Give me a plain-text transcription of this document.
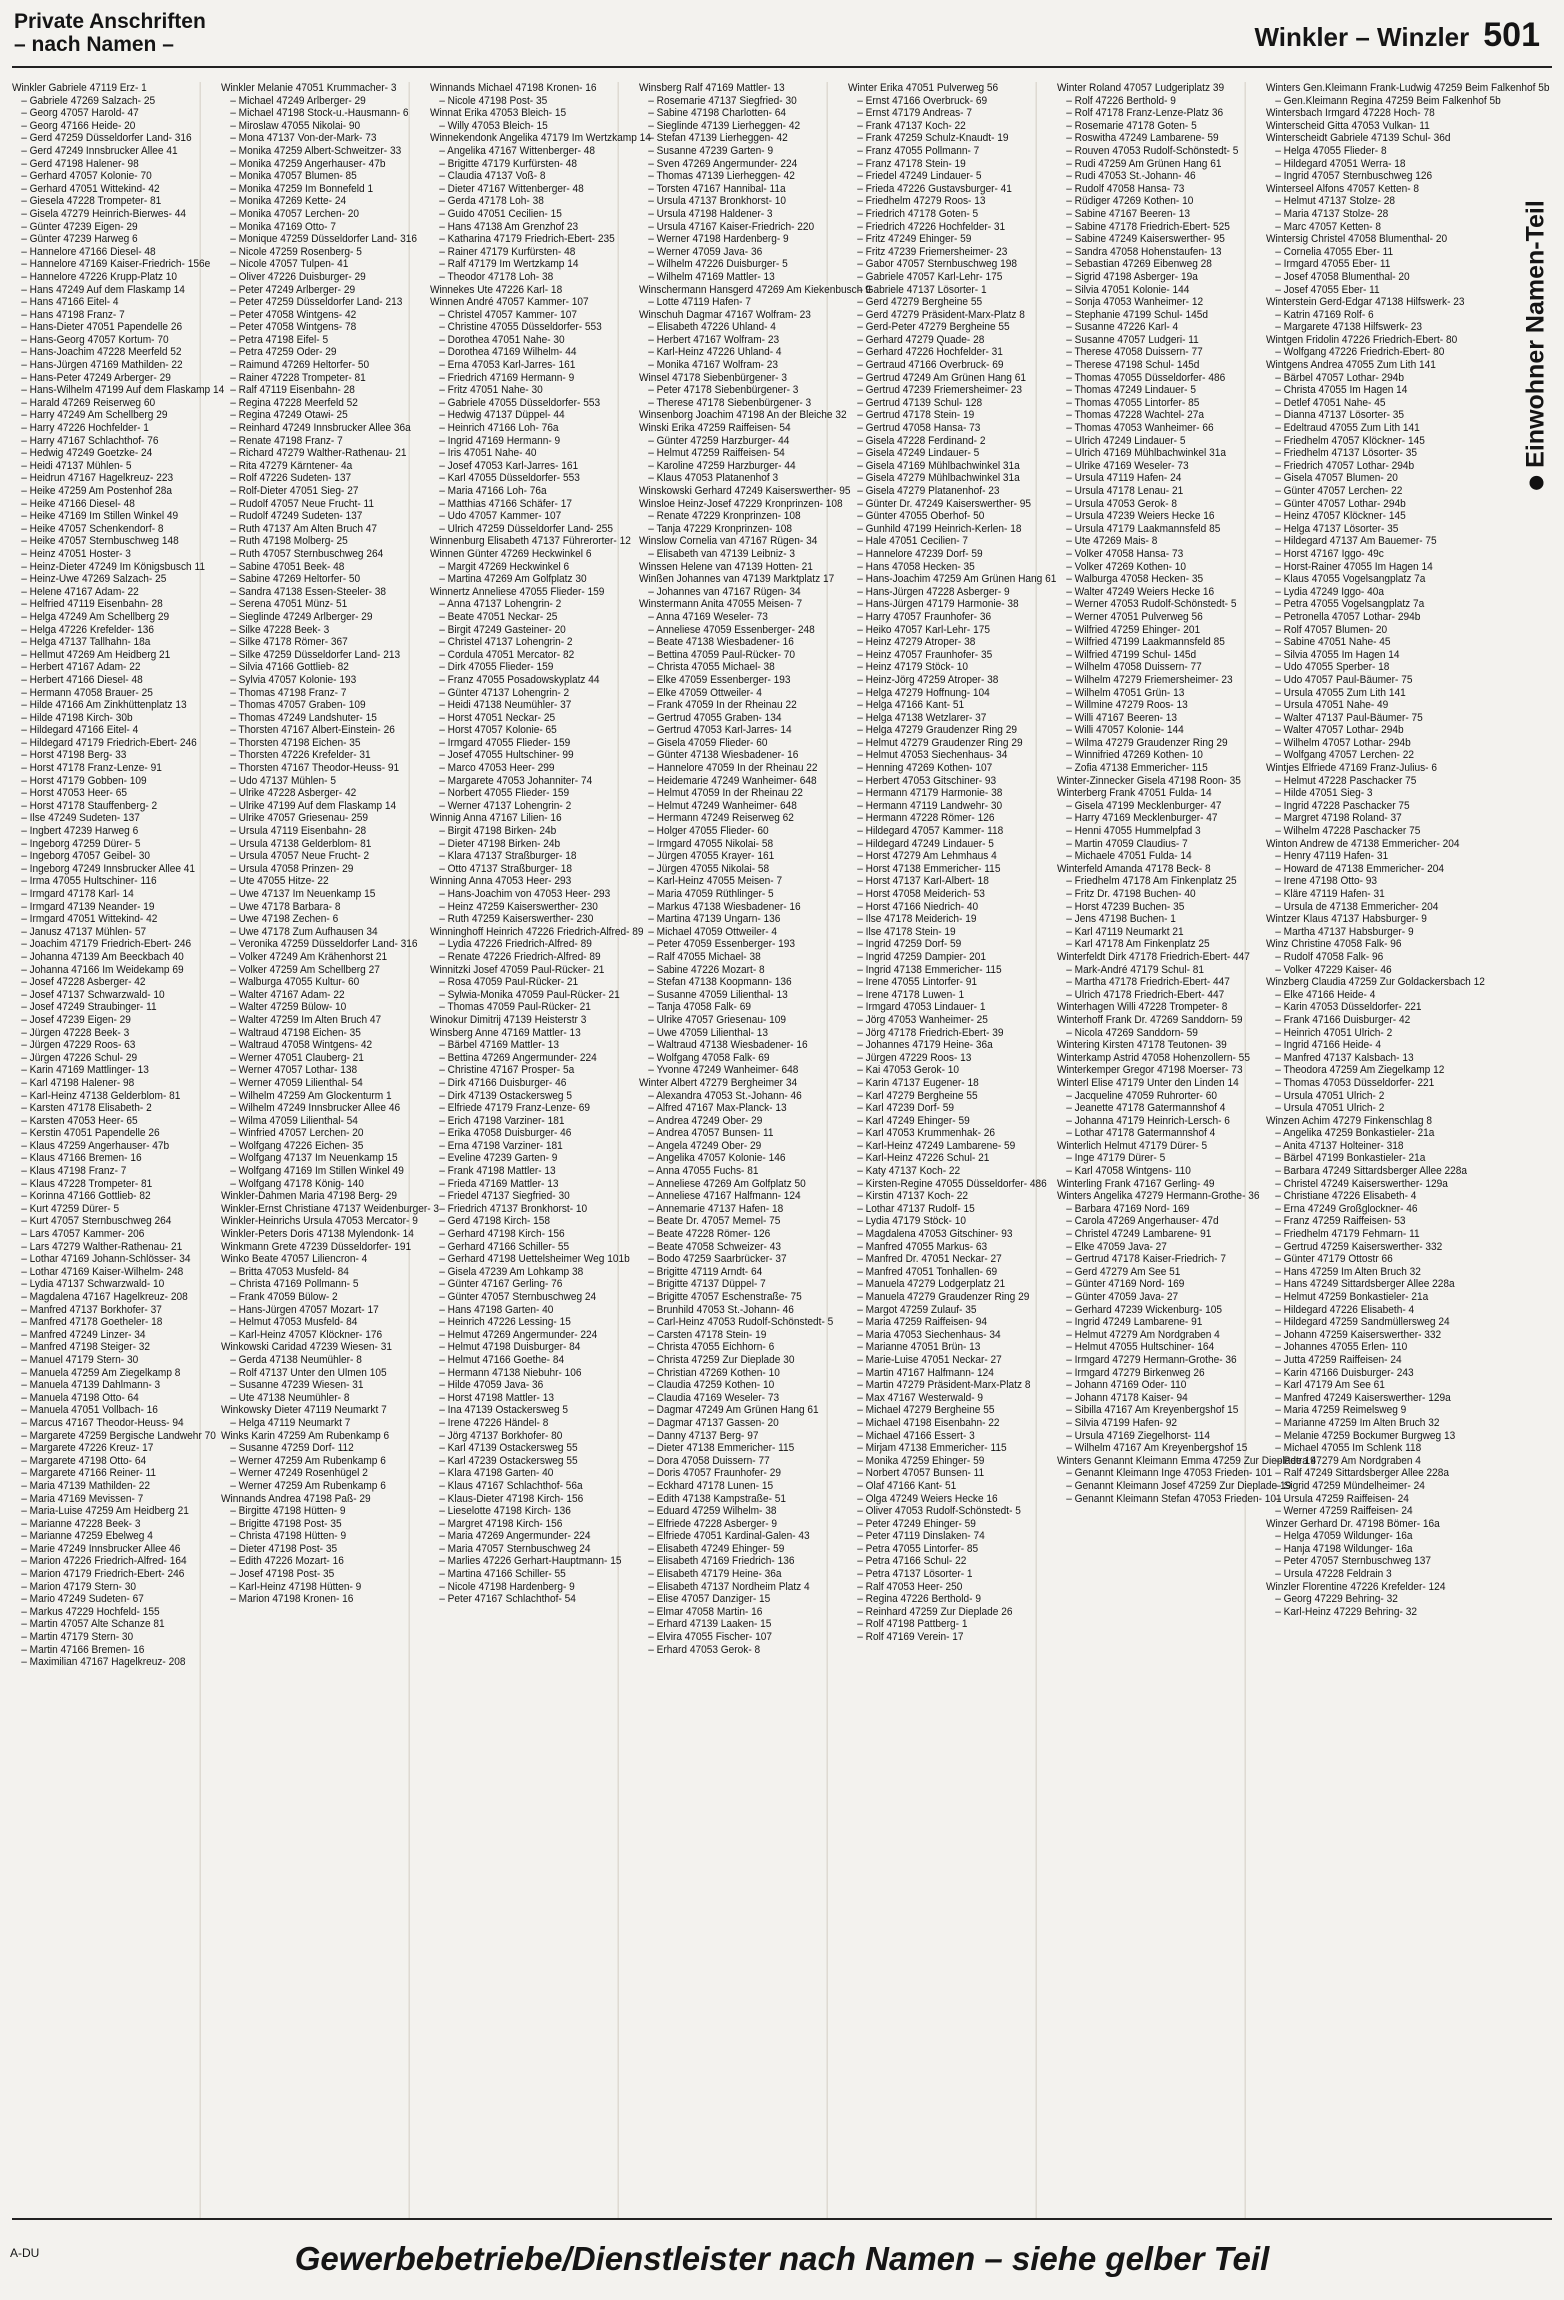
Private Anschriften
– nach Namen –	Winkler – Winzler 501
Einwohner Namen-Teil
Winkler Gabriele 47119 Erz- 1
– Gabriele 47269 Salzach- 25
– Georg 47057 Harold- 47
– Georg 47166 Heide- 20
– Gerd 47259 Düsseldorfer Land- 316
– Gerd 47249 Innsbrucker Allee 41
– Gerd 47198 Halener- 98
– Gerhard 47057 Kolonie- 70
– Gerhard 47051 Wittekind- 42
– Giesela 47228 Trompeter- 81
– Gisela 47279 Heinrich-Bierwes- 44
– Günter 47239 Eigen- 29
– Günter 47239 Harweg 6
– Hannelore 47166 Diesel- 48
– Hannelore 47169 Kaiser-Friedrich- 156e
– Hannelore 47226 Krupp-Platz 10
– Hans 47249 Auf dem Flaskamp 14
– Hans 47166 Eitel- 4
– Hans 47198 Franz- 7
– Hans-Dieter 47051 Papendelle 26
– Hans-Georg 47057 Kortum- 70
– Hans-Joachim 47228 Meerfeld 52
– Hans-Jürgen 47169 Mathilden- 22
– Hans-Peter 47249 Arberger- 29
– Hans-Wilhelm 47199 Auf dem Flaskamp 14
– Harald 47269 Reiserweg 60
– Harry 47249 Am Schellberg 29
– Harry 47226 Hochfelder- 1
– Harry 47167 Schlachthof- 76
– Hedwig 47249 Goetzke- 24
– Heidi 47137 Mühlen- 5
– Heidrun 47167 Hagelkreuz- 223
– Heike 47259 Am Postenhof 28a
– Heike 47166 Diesel- 48
– Heike 47169 Im Stillen Winkel 49
– Heike 47057 Schenkendorf- 8
– Heike 47057 Sternbuschweg 148
– Heinz 47051 Hoster- 3
– Heinz-Dieter 47249 Im Königsbusch 11
– Heinz-Uwe 47269 Salzach- 25
– Helene 47167 Adam- 22
– Helfried 47119 Eisenbahn- 28
– Helga 47249 Am Schellberg 29
– Helga 47226 Krefelder- 136
– Helga 47137 Tallhahn- 18a
– Hellmut 47269 Am Heidberg 21
– Herbert 47167 Adam- 22
– Herbert 47166 Diesel- 48
– Hermann 47058 Brauer- 25
– Hilde 47166 Am Zinkhüttenplatz 13
– Hilde 47198 Kirch- 30b
– Hildegard 47166 Eitel- 4
– Hildegard 47179 Friedrich-Ebert- 246
– Horst 47198 Berg- 33
– Horst 47178 Franz-Lenze- 91
– Horst 47179 Gobben- 109
– Horst 47053 Heer- 65
– Horst 47178 Stauffenberg- 2
– Ilse 47249 Sudeten- 137
– Ingbert 47239 Harweg 6
– Ingeborg 47259 Dürer- 5
– Ingeborg 47057 Geibel- 30
– Ingeborg 47249 Innsbrucker Allee 41
– Irma 47055 Hultschiner- 116
– Irmgard 47178 Karl- 14
– Irmgard 47139 Neander- 19
– Irmgard 47051 Wittekind- 42
– Janusz 47137 Mühlen- 57
– Joachim 47179 Friedrich-Ebert- 246
– Johanna 47139 Am Beeckbach 40
– Johanna 47166 Im Weidekamp 69
– Josef 47228 Asberger- 42
– Josef 47137 Schwarzwald- 10
– Josef 47249 Straubinger- 11
– Josef 47239 Eigen- 29
– Jürgen 47228 Beek- 3
– Jürgen 47229 Roos- 63
– Jürgen 47226 Schul- 29
– Karin 47169 Mattlinger- 13
– Karl 47198 Halener- 98
– Karl-Heinz 47138 Gelderblom- 81
– Karsten 47178 Elisabeth- 2
– Karsten 47053 Heer- 65
– Kerstin 47051 Papendelle 26
– Klaus 47259 Angerhauser- 47b
– Klaus 47166 Bremen- 16
– Klaus 47198 Franz- 7
– Klaus 47228 Trompeter- 81
– Korinna 47166 Gottlieb- 82
– Kurt 47259 Dürer- 5
– Kurt 47057 Sternbuschweg 264
– Lars 47057 Kammer- 206
– Lars 47279 Walther-Rathenau- 21
– Lothar 47169 Johann-Schlösser- 34
– Lothar 47169 Kaiser-Wilhelm- 248
– Lydia 47137 Schwarzwald- 10
– Magdalena 47167 Hagelkreuz- 208
– Manfred 47137 Borkhofer- 37
– Manfred 47178 Goetheler- 18
– Manfred 47249 Linzer- 34
– Manfred 47198 Steiger- 32
– Manuel 47179 Stern- 30
– Manuela 47259 Am Ziegelkamp 8
– Manuela 47139 Dahlmann- 3
– Manuela 47198 Otto- 64
– Manuela 47051 Vollbach- 16
– Marcus 47167 Theodor-Heuss- 94
– Margarete 47259 Bergische Landwehr 70
– Margarete 47226 Kreuz- 17
– Margarete 47198 Otto- 64
– Margarete 47166 Reiner- 11
– Maria 47139 Mathilden- 22
– Maria 47169 Mevissen- 7
– Maria-Luise 47259 Am Heidberg 21
– Marianne 47228 Beek- 3
– Marianne 47259 Ebelweg 4
– Marie 47249 Innsbrucker Allee 46
– Marion 47226 Friedrich-Alfred- 164
– Marion 47179 Friedrich-Ebert- 246
– Marion 47179 Stern- 30
– Mario 47249 Sudeten- 67
– Markus 47229 Hochfeld- 155
– Martin 47057 Alte Schanze 81
– Martin 47179 Stern- 30
– Martin 47166 Bremen- 16
– Maximilian 47167 Hagelkreuz- 208
Winkler Melanie 47051 Krummacher- 3
– Michael 47249 Arlberger- 29
– Michael 47198 Stock-u.-Hausmann- 6
– Miroslaw 47055 Nikolai- 90
– Mona 47137 Von-der-Mark- 73
– Monika 47259 Albert-Schweitzer- 33
– Monika 47259 Angerhauser- 47b
– Monika 47057 Blumen- 85
– Monika 47259 Im Bonnefeld 1
– Monika 47269 Kette- 24
– Monika 47057 Lerchen- 20
– Monika 47169 Otto- 7
– Monique 47259 Düsseldorfer Land- 316
– Nicole 47259 Rosenberg- 5
– Nicole 47057 Tulpen- 41
– Oliver 47226 Duisburger- 29
– Peter 47249 Arlberger- 29
– Peter 47259 Düsseldorfer Land- 213
– Peter 47058 Wintgens- 42
– Peter 47058 Wintgens- 78
– Petra 47198 Eifel- 5
– Petra 47259 Oder- 29
– Raimund 47269 Heltorfer- 50
– Rainer 47228 Trompeter- 81
– Ralf 47119 Eisenbahn- 28
– Regina 47228 Meerfeld 52
– Regina 47249 Otawi- 25
– Reinhard 47249 Innsbrucker Allee 36a
– Renate 47198 Franz- 7
– Richard 47279 Walther-Rathenau- 21
– Rita 47279 Kärntener- 4a
– Rolf 47226 Sudeten- 137
– Rolf-Dieter 47051 Sieg- 27
– Rudolf 47057 Neue Frucht- 11
– Rudolf 47249 Sudeten- 137
– Ruth 47137 Am Alten Bruch 47
– Ruth 47198 Molberg- 25
– Ruth 47057 Sternbuschweg 264
– Sabine 47051 Beek- 48
– Sabine 47269 Heltorfer- 50
– Sandra 47138 Essen-Steeler- 38
– Serena 47051 Münz- 51
– Sieglinde 47249 Arlberger- 29
– Silke 47228 Beek- 3
– Silke 47178 Römer- 367
– Silke 47259 Düsseldorfer Land- 213
– Silvia 47166 Gottlieb- 82
– Sylvia 47057 Kolonie- 193
– Thomas 47198 Franz- 7
– Thomas 47057 Graben- 109
– Thomas 47249 Landshuter- 15
– Thorsten 47167 Albert-Einstein- 26
– Thorsten 47198 Eichen- 35
– Thorsten 47226 Krefelder- 31
– Thorsten 47167 Theodor-Heuss- 91
– Udo 47137 Mühlen- 5
– Ulrike 47228 Asberger- 42
– Ulrike 47199 Auf dem Flaskamp 14
– Ulrike 47057 Griesenau- 259
– Ursula 47119 Eisenbahn- 28
– Ursula 47138 Gelderblom- 81
– Ursula 47057 Neue Frucht- 2
– Ursula 47058 Prinzen- 29
– Ute 47055 Hitze- 22
– Uwe 47137 Im Neuenkamp 15
– Uwe 47178 Barbara- 8
– Uwe 47198 Zechen- 6
– Uwe 47178 Zum Aufhausen 34
– Veronika 47259 Düsseldorfer Land- 316
– Volker 47249 Am Krähenhorst 21
– Volker 47259 Am Schellberg 27
– Walburga 47055 Kultur- 60
– Walter 47167 Adam- 22
– Walter 47259 Bülow- 10
– Walter 47259 Im Alten Bruch 47
– Waltraud 47198 Eichen- 35
– Waltraud 47058 Wintgens- 42
– Werner 47051 Clauberg- 21
– Werner 47057 Lothar- 138
– Werner 47059 Lilienthal- 54
– Wilhelm 47259 Am Glockenturm 1
– Wilhelm 47249 Innsbrucker Allee 46
– Wilma 47059 Lilienthal- 54
– Winfried 47057 Lerchen- 20
– Wolfgang 47226 Eichen- 35
– Wolfgang 47137 Im Neuenkamp 15
– Wolfgang 47169 Im Stillen Winkel 49
– Wolfgang 47178 König- 140
Winkler-Dahmen Maria 47198 Berg- 29
Winkler-Ernst Christiane 47137 Weidenburger- 3
Winkler-Heinrichs Ursula 47053 Mercator- 9
Winkler-Peters Doris 47138 Mylendonk- 14
Winkmann Grete 47239 Düsseldorfer- 191
Winko Beate 47057 Liliencron- 4
– Britta 47053 Musfeld- 84
– Christa 47169 Pollmann- 5
– Frank 47059 Bülow- 2
– Hans-Jürgen 47057 Mozart- 17
– Helmut 47053 Musfeld- 84
– Karl-Heinz 47057 Klöckner- 176
Winkowski Caridad 47239 Wiesen- 31
– Gerda 47138 Neumühler- 8
– Rolf 47137 Unter den Ulmen 105
– Susanne 47239 Wiesen- 31
– Ute 47138 Neumühler- 8
Winkowsky Dieter 47119 Neumarkt 7
– Helga 47119 Neumarkt 7
Winks Karin 47259 Am Rubenkamp 6
– Susanne 47259 Dorf- 112
– Werner 47259 Am Rubenkamp 6
– Werner 47249 Rosenhügel 2
– Werner 47259 Am Rubenkamp 6
Winnands Andrea 47198 Paß- 29
– Birgitte 47198 Hütten- 9
– Brigitte 47198 Post- 35
– Christa 47198 Hütten- 9
– Dieter 47198 Post- 35
– Edith 47226 Mozart- 16
– Josef 47198 Post- 35
– Karl-Heinz 47198 Hütten- 9
– Marion 47198 Kronen- 16
Winnands Michael 47198 Kronen- 16
– Nicole 47198 Post- 35
Winnat Erika 47053 Bleich- 15
– Willy 47053 Bleich- 15
Winnekendonk Angelika 47179 Im Wertzkamp 14
– Angelika 47167 Wittenberger- 48
– Brigitte 47179 Kurfürsten- 48
– Claudia 47137 Voß- 8
– Dieter 47167 Wittenberger- 48
– Gerda 47178 Loh- 38
– Guido 47051 Cecilien- 15
– Hans 47138 Am Grenzhof 23
– Katharina 47179 Friedrich-Ebert- 235
– Rainer 47179 Kurfürsten- 48
– Ralf 47179 Im Wertzkamp 14
– Theodor 47178 Loh- 38
Winnekes Ute 47226 Karl- 18
Winnen André 47057 Kammer- 107
– Christel 47057 Kammer- 107
– Christine 47055 Düsseldorfer- 553
– Dorothea 47051 Nahe- 30
– Dorothea 47169 Wilhelm- 44
– Erna 47053 Karl-Jarres- 161
– Friedrich 47169 Hermann- 9
– Fritz 47051 Nahe- 30
– Gabriele 47055 Düsseldorfer- 553
– Hedwig 47137 Düppel- 44
– Heinrich 47166 Loh- 76a
– Ingrid 47169 Hermann- 9
– Iris 47051 Nahe- 40
– Josef 47053 Karl-Jarres- 161
– Karl 47055 Düsseldorfer- 553
– Maria 47166 Loh- 76a
– Matthias 47166 Schäfer- 17
– Udo 47057 Kammer- 107
– Ulrich 47259 Düsseldorfer Land- 255
Winnenburg Elisabeth 47137 Führerorter- 12
Winnen Günter 47269 Heckwinkel 6
– Margit 47269 Heckwinkel 6
– Martina 47269 Am Golfplatz 30
Winnertz Anneliese 47055 Flieder- 159
– Anna 47137 Lohengrin- 2
– Beate 47051 Neckar- 25
– Birgit 47249 Gasteiner- 20
– Christel 47137 Lohengrin- 2
– Cordula 47051 Mercator- 82
– Dirk 47055 Flieder- 159
– Franz 47055 Posadowskyplatz 44
– Günter 47137 Lohengrin- 2
– Heidi 47138 Neumühler- 37
– Horst 47051 Neckar- 25
– Horst 47057 Kolonie- 65
– Irmgard 47055 Flieder- 159
– Josef 47055 Hultschiner- 99
– Marco 47053 Heer- 299
– Margarete 47053 Johanniter- 74
– Norbert 47055 Flieder- 159
– Werner 47137 Lohengrin- 2
Winnig Anna 47167 Lilien- 16
– Birgit 47198 Birken- 24b
– Dieter 47198 Birken- 24b
– Klara 47137 Straßburger- 18
– Otto 47137 Straßburger- 18
Winning Anna 47053 Heer- 293
– Hans-Joachim von 47053 Heer- 293
– Heinz 47259 Kaiserswerther- 230
– Ruth 47259 Kaiserswerther- 230
Winninghoff Heinrich 47226 Friedrich-Alfred- 89
– Lydia 47226 Friedrich-Alfred- 89
– Renate 47226 Friedrich-Alfred- 89
Winnitzki Josef 47059 Paul-Rücker- 21
– Rosa 47059 Paul-Rücker- 21
– Sylwia-Monika 47059 Paul-Rücker- 21
– Thomas 47059 Paul-Rücker- 21
Winokur Dimitrij 47139 Heisterstr 3
Winsberg Anne 47169 Mattler- 13
– Bärbel 47169 Mattler- 13
– Bettina 47269 Angermunder- 224
– Christine 47167 Prosper- 5a
– Dirk 47166 Duisburger- 46
– Dirk 47139 Ostackersweg 5
– Elfriede 47179 Franz-Lenze- 69
– Erich 47198 Varziner- 181
– Erika 47058 Duisburger- 46
– Erna 47198 Varziner- 181
– Eveline 47239 Garten- 9
– Frank 47198 Mattler- 13
– Frieda 47169 Mattler- 13
– Friedel 47137 Siegfried- 30
– Friedrich 47137 Bronkhorst- 10
– Gerd 47198 Kirch- 158
– Gerhard 47198 Kirch- 156
– Gerhard 47166 Schiller- 55
– Gerhard 47198 Uettelsheimer Weg 101b
– Gisela 47239 Am Lohkamp 38
– Günter 47167 Gerling- 76
– Günter 47057 Sternbuschweg 24
– Hans 47198 Garten- 40
– Heinrich 47226 Lessing- 15
– Helmut 47269 Angermunder- 224
– Helmut 47198 Duisburger- 84
– Helmut 47166 Goethe- 84
– Hermann 47138 Niebuhr- 106
– Hilde 47059 Java- 36
– Horst 47198 Mattler- 13
– Ina 47139 Ostackersweg 5
– Irene 47226 Händel- 8
– Jörg 47137 Borkhofer- 80
– Karl 47139 Ostackersweg 55
– Karl 47239 Ostackersweg 55
– Klara 47198 Garten- 40
– Klaus 47167 Schlachthof- 56a
– Klaus-Dieter 47198 Kirch- 156
– Lieselotte 47198 Kirch- 136
– Margret 47198 Kirch- 156
– Maria 47269 Angermunder- 224
– Maria 47057 Sternbuschweg 24
– Marlies 47226 Gerhart-Hauptmann- 15
– Martina 47166 Schiller- 55
– Nicole 47198 Hardenberg- 9
– Peter 47167 Schlachthof- 54
Winsberg Ralf 47169 Mattler- 13
– Rosemarie 47137 Siegfried- 30
– Sabine 47198 Charlotten- 64
– Sieglinde 47139 Lierheggen- 42
– Stefan 47139 Lierheggen- 42
– Susanne 47239 Garten- 9
– Sven 47269 Angermunder- 224
– Thomas 47139 Lierheggen- 42
– Torsten 47167 Hannibal- 11a
– Ursula 47137 Bronkhorst- 10
– Ursula 47198 Haldener- 3
– Ursula 47167 Kaiser-Friedrich- 220
– Werner 47198 Hardenberg- 9
– Werner 47059 Java- 36
– Wilhelm 47226 Duisburger- 5
– Wilhelm 47169 Mattler- 13
Winschermann Hansgerd 47269 Am Kiekenbusch 9
– Lotte 47119 Hafen- 7
Winschuh Dagmar 47167 Wolfram- 23
– Elisabeth 47226 Uhland- 4
– Herbert 47167 Wolfram- 23
– Karl-Heinz 47226 Uhland- 4
– Monika 47167 Wolfram- 23
Winsel 47178 Siebenbürgener- 3
– Peter 47178 Siebenbürgener- 3
– Therese 47178 Siebenbürgener- 3
Winsenborg Joachim 47198 An der Bleiche 32
Winski Erika 47259 Raiffeisen- 54
– Günter 47259 Harzburger- 44
– Helmut 47259 Raiffeisen- 54
– Karoline 47259 Harzburger- 44
– Klaus 47053 Platanenhof 3
Winskowski Gerhard 47249 Kaiserswerther- 95
Winsloe Heinz-Josef 47229 Kronprinzen- 108
– Renate 47229 Kronprinzen- 108
– Tanja 47229 Kronprinzen- 108
Winslow Cornelia van 47167 Rügen- 34
– Elisabeth van 47139 Leibniz- 3
Winssen Helene van 47139 Hotten- 21
Winßen Johannes van 47139 Marktplatz 17
– Johannes van 47167 Rügen- 34
Winstermann Anita 47055 Meisen- 7
– Anna 47169 Weseler- 73
– Anneliese 47059 Essenberger- 248
– Beate 47138 Wiesbadener- 16
– Bettina 47059 Paul-Rücker- 70
– Christa 47055 Michael- 38
– Elke 47059 Essenberger- 193
– Elke 47059 Ottweiler- 4
– Frank 47059 In der Rheinau 22
– Gertrud 47055 Graben- 134
– Gertrud 47053 Karl-Jarres- 14
– Gisela 47059 Flieder- 60
– Günter 47138 Wiesbadener- 16
– Hannelore 47059 In der Rheinau 22
– Heidemarie 47249 Wanheimer- 648
– Helmut 47059 In der Rheinau 22
– Helmut 47249 Wanheimer- 648
– Hermann 47249 Reiserweg 62
– Holger 47055 Flieder- 60
– Irmgard 47055 Nikolai- 58
– Jürgen 47055 Krayer- 161
– Jürgen 47055 Nikolai- 58
– Karl-Heinz 47055 Meisen- 7
– Maria 47059 Rüthlinger- 5
– Markus 47138 Wiesbadener- 16
– Martina 47139 Ungarn- 136
– Michael 47059 Ottweiler- 4
– Peter 47059 Essenberger- 193
– Ralf 47055 Michael- 38
– Sabine 47226 Mozart- 8
– Stefan 47138 Koopmann- 136
– Susanne 47059 Lilienthal- 13
– Tanja 47058 Falk- 69
– Ulrike 47057 Griesenau- 109
– Uwe 47059 Lilienthal- 13
– Waltraud 47138 Wiesbadener- 16
– Wolfgang 47058 Falk- 69
– Yvonne 47249 Wanheimer- 648
Winter Albert 47279 Bergheimer 34
– Alexandra 47053 St.-Johann- 46
– Alfred 47167 Max-Planck- 13
– Andrea 47249 Ober- 29
– Andrea 47057 Bunsen- 11
– Angela 47249 Ober- 29
– Angelika 47057 Kolonie- 146
– Anna 47055 Fuchs- 81
– Anneliese 47269 Am Golfplatz 50
– Anneliese 47167 Halfmann- 124
– Annemarie 47137 Hafen- 18
– Beate Dr. 47057 Memel- 75
– Beate 47228 Römer- 126
– Beate 47058 Schweizer- 43
– Bodo 47259 Saarbrücker- 37
– Brigitte 47119 Arndt- 64
– Brigitte 47137 Düppel- 7
– Brigitte 47057 Eschenstraße- 75
– Brunhild 47053 St.-Johann- 46
– Carl-Heinz 47053 Rudolf-Schönstedt- 5
– Carsten 47178 Stein- 19
– Christa 47055 Eichhorn- 6
– Christa 47259 Zur Dieplade 30
– Christian 47269 Kothen- 10
– Claudia 47259 Kothen- 10
– Claudia 47169 Weseler- 73
– Dagmar 47249 Am Grünen Hang 61
– Dagmar 47137 Gassen- 20
– Danny 47137 Berg- 97
– Dieter 47138 Emmericher- 115
– Dora 47058 Duissern- 77
– Doris 47057 Fraunhofer- 29
– Eckhard 47178 Lunen- 15
– Edith 47138 Kampstraße- 51
– Eduard 47259 Wilhelm- 38
– Elfriede 47228 Asberger- 9
– Elfriede 47051 Kardinal-Galen- 43
– Elisabeth 47249 Ehinger- 59
– Elisabeth 47169 Friedrich- 136
– Elisabeth 47179 Heine- 36a
– Elisabeth 47137 Nordheim Platz 4
– Elise 47057 Danziger- 15
– Elmar 47058 Martin- 16
– Erhard 47139 Laaken- 15
– Elvira 47055 Fischer- 107
– Erhard 47053 Gerok- 8
Winter Erika 47051 Pulverweg 56
– Ernst 47166 Overbruck- 69
– Ernst 47179 Andreas- 7
– Frank 47137 Koch- 22
– Frank 47259 Schulz-Knaudt- 19
– Franz 47055 Pollmann- 7
– Franz 47178 Stein- 19
– Friedel 47249 Lindauer- 5
– Frieda 47226 Gustavsburger- 41
– Friedhelm 47279 Roos- 13
– Friedrich 47178 Goten- 5
– Friedrich 47226 Hochfelder- 31
– Fritz 47249 Ehinger- 59
– Fritz 47239 Friemersheimer- 23
– Gabor 47057 Sternbuschweg 198
– Gabriele 47057 Karl-Lehr- 175
– Gabriele 47137 Lösorter- 1
– Gerd 47279 Bergheine 55
– Gerd 47279 Präsident-Marx-Platz 8
– Gerd-Peter 47279 Bergheine 55
– Gerhard 47279 Quade- 28
– Gerhard 47226 Hochfelder- 31
– Gertraud 47166 Overbruck- 69
– Gertrud 47249 Am Grünen Hang 61
– Gertrud 47239 Friemersheimer- 23
– Gertrud 47139 Schul- 128
– Gertrud 47178 Stein- 19
– Gertrud 47058 Hansa- 73
– Gisela 47228 Ferdinand- 2
– Gisela 47249 Lindauer- 5
– Gisela 47169 Mühlbachwinkel 31a
– Gisela 47279 Mühlbachwinkel 31a
– Gisela 47279 Platanenhof- 23
– Günter Dr. 47249 Kaiserswerther- 95
– Günter 47055 Oberhof- 50
– Gunhild 47199 Heinrich-Kerlen- 18
– Hale 47051 Cecilien- 7
– Hannelore 47239 Dorf- 59
– Hans 47058 Hecken- 35
– Hans-Joachim 47259 Am Grünen Hang 61
– Hans-Jürgen 47228 Asberger- 9
– Hans-Jürgen 47179 Harmonie- 38
– Harry 47057 Fraunhofer- 36
– Heiko 47057 Karl-Lehr- 175
– Heinz 47279 Atroper- 38
– Heinz 47057 Fraunhofer- 35
– Heinz 47179 Stöck- 10
– Heinz-Jörg 47259 Atroper- 38
– Helga 47279 Hoffnung- 104
– Helga 47166 Kant- 51
– Helga 47138 Wetzlarer- 37
– Helga 47279 Graudenzer Ring 29
– Helmut 47279 Graudenzer Ring 29
– Helmut 47053 Siechenhaus- 34
– Henning 47269 Kothen- 107
– Herbert 47053 Gitschiner- 93
– Hermann 47179 Harmonie- 38
– Hermann 47119 Landwehr- 30
– Hermann 47228 Römer- 126
– Hildegard 47057 Kammer- 118
– Hildegard 47249 Lindauer- 5
– Horst 47279 Am Lehmhaus 4
– Horst 47138 Emmericher- 115
– Horst 47137 Karl-Albert- 18
– Horst 47058 Meiderich- 53
– Horst 47166 Niedrich- 40
– Ilse 47178 Meiderich- 19
– Ilse 47178 Stein- 19
– Ingrid 47259 Dorf- 59
– Ingrid 47259 Dampier- 201
– Ingrid 47138 Emmericher- 115
– Irene 47055 Lintorfer- 91
– Irene 47178 Luwen- 1
– Irmgard 47053 Lindauer- 1
– Jörg 47053 Wanheimer- 25
– Jörg 47178 Friedrich-Ebert- 39
– Johannes 47179 Heine- 36a
– Jürgen 47229 Roos- 13
– Kai 47053 Gerok- 10
– Karin 47137 Eugener- 18
– Karl 47279 Bergheine 55
– Karl 47239 Dorf- 59
– Karl 47249 Ehinger- 59
– Karl 47053 Krummenhak- 26
– Karl-Heinz 47249 Lambarene- 59
– Karl-Heinz 47226 Schul- 21
– Katy 47137 Koch- 22
– Kirsten-Regine 47055 Düsseldorfer- 486
– Kirstin 47137 Koch- 22
– Lothar 47137 Rudolf- 15
– Lydia 47179 Stöck- 10
– Magdalena 47053 Gitschiner- 93
– Manfred 47055 Markus- 63
– Manfred Dr. 47051 Neckar- 27
– Manfred 47051 Tonhallen- 69
– Manuela 47279 Lodgerplatz 21
– Manuela 47279 Graudenzer Ring 29
– Margot 47259 Zulauf- 35
– Maria 47259 Raiffeisen- 94
– Maria 47053 Siechenhaus- 34
– Marianne 47051 Brün- 13
– Marie-Luise 47051 Neckar- 27
– Martin 47167 Halfmann- 124
– Martin 47279 Präsident-Marx-Platz 8
– Max 47167 Westerwald- 9
– Michael 47279 Bergheine 55
– Michael 47198 Eisenbahn- 22
– Michael 47166 Essert- 3
– Mirjam 47138 Emmericher- 115
– Monika 47259 Ehinger- 59
– Norbert 47057 Bunsen- 11
– Olaf 47166 Kant- 51
– Olga 47249 Weiers Hecke 16
– Oliver 47053 Rudolf-Schönstedt- 5
– Peter 47249 Ehinger- 59
– Peter 47119 Dinslaken- 74
– Petra 47055 Lintorfer- 85
– Petra 47166 Schul- 22
– Petra 47137 Lösorter- 1
– Ralf 47053 Heer- 250
– Regina 47226 Berthold- 9
– Reinhard 47259 Zur Dieplade 26
– Rolf 47198 Pattberg- 1
– Rolf 47169 Verein- 17
Winter Roland 47057 Ludgeriplatz 39
– Rolf 47226 Berthold- 9
– Rolf 47178 Franz-Lenze-Platz 36
– Rosemarie 47178 Goten- 5
– Roswitha 47249 Lambarene- 59
– Rouven 47053 Rudolf-Schönstedt- 5
– Rudi 47259 Am Grünen Hang 61
– Rudi 47053 St.-Johann- 46
– Rudolf 47058 Hansa- 73
– Rüdiger 47269 Kothen- 10
– Sabine 47167 Beeren- 13
– Sabine 47178 Friedrich-Ebert- 525
– Sabine 47249 Kaiserswerther- 95
– Sandra 47058 Hohenstaufen- 13
– Sebastian 47269 Eibenweg 28
– Sigrid 47198 Asberger- 19a
– Silvia 47051 Kolonie- 144
– Sonja 47053 Wanheimer- 12
– Stephanie 47199 Schul- 145d
– Susanne 47226 Karl- 4
– Susanne 47057 Ludgeri- 11
– Therese 47058 Duissern- 77
– Therese 47198 Schul- 145d
– Thomas 47055 Düsseldorfer- 486
– Thomas 47249 Lindauer- 5
– Thomas 47055 Lintorfer- 85
– Thomas 47228 Wachtel- 27a
– Thomas 47053 Wanheimer- 66
– Ulrich 47249 Lindauer- 5
– Ulrich 47169 Mühlbachwinkel 31a
– Ulrike 47169 Weseler- 73
– Ursula 47119 Hafen- 24
– Ursula 47178 Lenau- 21
– Ursula 47053 Gerok- 8
– Ursula 47239 Weiers Hecke 16
– Ursula 47179 Laakmannsfeld 85
– Ute 47269 Mais- 8
– Volker 47058 Hansa- 73
– Volker 47269 Kothen- 10
– Walburga 47058 Hecken- 35
– Walter 47249 Weiers Hecke 16
– Werner 47053 Rudolf-Schönstedt- 5
– Werner 47051 Pulverweg 56
– Wilfried 47259 Ehinger- 201
– Wilfried 47199 Laakmannsfeld 85
– Wilfried 47199 Schul- 145d
– Wilhelm 47058 Duissern- 77
– Wilhelm 47279 Friemersheimer- 23
– Wilhelm 47051 Grün- 13
– Willmine 47279 Roos- 13
– Willi 47167 Beeren- 13
– Willi 47057 Kolonie- 144
– Wilma 47279 Graudenzer Ring 29
– Winnifried 47269 Kothen- 10
– Zofia 47138 Emmericher- 115
Winter-Zinnecker Gisela 47198 Roon- 35
Winterberg Frank 47051 Fulda- 14
– Gisela 47199 Mecklenburger- 47
– Harry 47169 Mecklenburger- 47
– Henni 47055 Hummelpfad 3
– Martin 47059 Claudius- 7
– Michaele 47051 Fulda- 14
Winterfeld Amanda 47178 Beck- 8
– Friedhelm 47178 Am Finkenplatz 25
– Fritz Dr. 47198 Buchen- 40
– Horst 47239 Buchen- 35
– Jens 47198 Buchen- 1
– Karl 47119 Neumarkt 21
– Karl 47178 Am Finkenplatz 25
Winterfeldt Dirk 47178 Friedrich-Ebert- 447
– Mark-André 47179 Schul- 81
– Martha 47178 Friedrich-Ebert- 447
– Ulrich 47178 Friedrich-Ebert- 447
Winterhagen Willi 47228 Trompeter- 8
Winterhoff Frank Dr. 47269 Sanddorn- 59
– Nicola 47269 Sanddorn- 59
Wintering Kirsten 47178 Teutonen- 39
Winterkamp Astrid 47058 Hohenzollern- 55
Winterkemper Gregor 47198 Moerser- 73
Winterl Elise 47179 Unter den Linden 14
– Jacqueline 47059 Ruhrorter- 60
– Jeanette 47178 Gatermannshof 4
– Johanna 47179 Heinrich-Lersch- 6
– Lothar 47178 Gatermannshof 4
Winterlich Helmut 47179 Dürer- 5
– Inge 47179 Dürer- 5
– Karl 47058 Wintgens- 110
Winterling Frank 47167 Gerling- 49
Winters Angelika 47279 Hermann-Grothe- 36
– Barbara 47169 Nord- 169
– Carola 47269 Angerhauser- 47d
– Christel 47249 Lambarene- 91
– Elke 47059 Java- 27
– Gertrud 47178 Kaiser-Friedrich- 7
– Gerd 47279 Am See 51
– Günter 47169 Nord- 169
– Günter 47059 Java- 27
– Gerhard 47239 Wickenburg- 105
– Ingrid 47249 Lambarene- 91
– Helmut 47279 Am Nordgraben 4
– Helmut 47055 Hultschiner- 164
– Irmgard 47279 Hermann-Grothe- 36
– Irmgard 47279 Birkenweg 26
– Johann 47169 Oder- 110
– Johann 47178 Kaiser- 94
– Sibilla 47167 Am Kreyenbergshof 15
– Silvia 47199 Hafen- 92
– Ursula 47169 Ziegelhorst- 114
– Wilhelm 47167 Am Kreyenbergshof 15
Winters Genannt Kleimann Emma 47259 Zur Dieplade 19
– Genannt Kleimann Inge 47053 Frieden- 101
– Genannt Kleimann Josef 47259 Zur Dieplade 19
– Genannt Kleimann Stefan 47053 Frieden- 101
Winters Gen.Kleimann Frank-Ludwig 47259 Beim Falkenhof 5b
– Gen.Kleimann Regina 47259 Beim Falkenhof 5b
Wintersbach Irmgard 47228 Hoch- 78
Winterscheid Gitta 47053 Vulkan- 11
Winterscheidt Gabriele 47139 Schul- 36d
– Helga 47055 Flieder- 8
– Hildegard 47051 Werra- 18
– Ingrid 47057 Sternbuschweg 126
Winterseel Alfons 47057 Ketten- 8
– Helmut 47137 Stolze- 28
– Maria 47137 Stolze- 28
– Marc 47057 Ketten- 8
Wintersig Christel 47058 Blumenthal- 20
– Cornelia 47055 Eber- 11
– Irmgard 47055 Eber- 11
– Josef 47058 Blumenthal- 20
– Josef 47055 Eber- 11
Winterstein Gerd-Edgar 47138 Hilfswerk- 23
– Katrin 47169 Rolf- 6
– Margarete 47138 Hilfswerk- 23
Wintgen Fridolin 47226 Friedrich-Ebert- 80
– Wolfgang 47226 Friedrich-Ebert- 80
Wintgens Andrea 47055 Zum Lith 141
– Bärbel 47057 Lothar- 294b
– Christa 47055 Im Hagen 14
– Detlef 47051 Nahe- 45
– Dianna 47137 Lösorter- 35
– Edeltraud 47055 Zum Lith 141
– Friedhelm 47057 Klöckner- 145
– Friedhelm 47137 Lösorter- 35
– Friedrich 47057 Lothar- 294b
– Gisela 47057 Blumen- 20
– Günter 47057 Lerchen- 22
– Günter 47057 Lothar- 294b
– Heinz 47057 Klöckner- 145
– Helga 47137 Lösorter- 35
– Hildegard 47137 Am Bauemer- 75
– Horst 47167 Iggo- 49c
– Horst-Rainer 47055 Im Hagen 14
– Klaus 47055 Vogelsangplatz 7a
– Lydia 47249 Iggo- 40a
– Petra 47055 Vogelsangplatz 7a
– Petronella 47057 Lothar- 294b
– Rolf 47057 Blumen- 20
– Sabine 47051 Nahe- 45
– Silvia 47055 Im Hagen 14
– Udo 47055 Sperber- 18
– Udo 47057 Paul-Bäumer- 75
– Ursula 47055 Zum Lith 141
– Ursula 47051 Nahe- 49
– Walter 47137 Paul-Bäumer- 75
– Walter 47057 Lothar- 294b
– Wilhelm 47057 Lothar- 294b
– Wolfgang 47057 Lerchen- 22
Wintjes Elfriede 47169 Franz-Julius- 6
– Helmut 47228 Paschacker 75
– Hilde 47051 Sieg- 3
– Ingrid 47228 Paschacker 75
– Margret 47198 Roland- 37
– Wilhelm 47228 Paschacker 75
Winton Andrew de 47138 Emmericher- 204
– Henry 47119 Hafen- 31
– Howard de 47138 Emmericher- 204
– Irene 47198 Otto- 93
– Kläre 47119 Hafen- 31
– Ursula de 47138 Emmericher- 204
Wintzer Klaus 47137 Habsburger- 9
– Martha 47137 Habsburger- 9
Winz Christine 47058 Falk- 96
– Rudolf 47058 Falk- 96
– Volker 47229 Kaiser- 46
Winzberg Claudia 47259 Zur Goldackersbach 12
– Elke 47166 Heide- 4
– Karin 47053 Düsseldorfer- 221
– Frank 47166 Duisburger- 42
– Heinrich 47051 Ulrich- 2
– Ingrid 47166 Heide- 4
– Manfred 47137 Kalsbach- 13
– Theodora 47259 Am Ziegelkamp 12
– Thomas 47053 Düsseldorfer- 221
– Ursula 47051 Ulrich- 2
– Ursula 47051 Ulrich- 2
Winzen Achim 47279 Finkenschlag 8
– Angelika 47259 Bonkastieler- 21a
– Anita 47137 Holteiner- 318
– Bärbel 47199 Bonkastieler- 21a
– Barbara 47249 Sittardsberger Allee 228a
– Christel 47249 Kaiserswerther- 129a
– Christiane 47226 Elisabeth- 4
– Erna 47249 Großglockner- 46
– Franz 47259 Raiffeisen- 53
– Friedhelm 47179 Fehmarn- 11
– Gertrud 47259 Kaiserswerther- 332
– Günter 47179 Ottostr 66
– Hans 47259 Im Alten Bruch 32
– Hans 47249 Sittardsberger Allee 228a
– Helmut 47259 Bonkastieler- 21a
– Hildegard 47226 Elisabeth- 4
– Hildegard 47259 Sandmüllersweg 24
– Johann 47259 Kaiserswerther- 332
– Johannes 47055 Erlen- 110
– Jutta 47259 Raiffeisen- 24
– Karin 47166 Duisburger- 243
– Karl 47179 Am See 61
– Manfred 47249 Kaiserswerther- 129a
– Maria 47259 Reimelsweg 9
– Marianne 47259 Im Alten Bruch 32
– Melanie 47259 Bockumer Burgweg 13
– Michael 47055 Im Schlenk 118
– Petra 47279 Am Nordgraben 4
– Ralf 47249 Sittardsberger Allee 228a
– Sigrid 47259 Mündelheimer- 24
– Ursula 47259 Raiffeisen- 24
– Werner 47259 Raiffeisen- 24
Winzer Gerhard Dr. 47198 Bömer- 16a
– Helga 47059 Wildunger- 16a
– Hanja 47198 Wildunger- 16a
– Peter 47057 Sternbuschweg 137
– Ursula 47228 Feldrain 3
Winzler Florentine 47226 Krefelder- 124
– Georg 47229 Behring- 32
– Karl-Heinz 47229 Behring- 32
Gewerbebetriebe/Dienstleister nach Namen – siehe gelber Teil
A-DU
